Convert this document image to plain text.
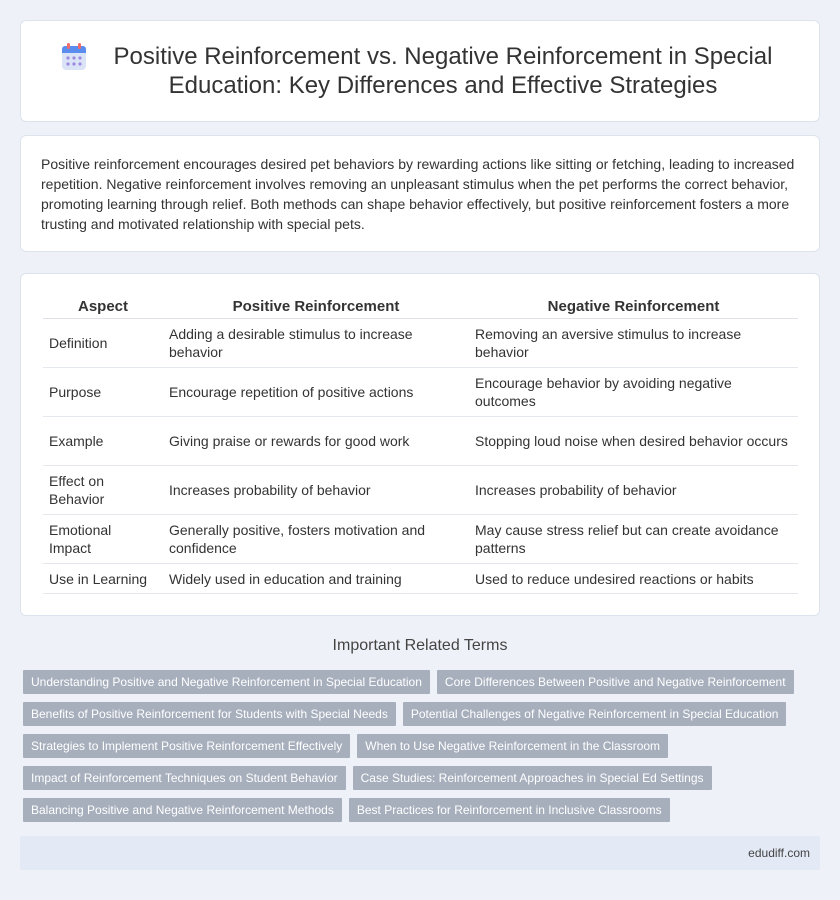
Positive Reinforcement vs. Negative Reinforcement in Special Education: Key Differences and Effective Strategies

Positive reinforcement encourages desired pet behaviors by rewarding actions like sitting or fetching, leading to increased repetition. Negative reinforcement involves removing an unpleasant stimulus when the pet performs the correct behavior, promoting learning through relief. Both methods can shape behavior effectively, but positive reinforcement fosters a more trusting and motivated relationship with special pets.

Aspect	Positive Reinforcement	Negative Reinforcement
Definition	Adding a desirable stimulus to increase behavior	Removing an aversive stimulus to increase behavior
Purpose	Encourage repetition of positive actions	Encourage behavior by avoiding negative outcomes
Example	Giving praise or rewards for good work	Stopping loud noise when desired behavior occurs
Effect on Behavior	Increases probability of behavior	Increases probability of behavior
Emotional Impact	Generally positive, fosters motivation and confidence	May cause stress relief but can create avoidance patterns
Use in Learning	Widely used in education and training	Used to reduce undesired reactions or habits
Important Related Terms
Understanding Positive and Negative Reinforcement in Special Education	Core Differences Between Positive and Negative Reinforcement
Benefits of Positive Reinforcement for Students with Special Needs	Potential Challenges of Negative Reinforcement in Special Education
Strategies to Implement Positive Reinforcement Effectively	When to Use Negative Reinforcement in the Classroom
Impact of Reinforcement Techniques on Student Behavior	Case Studies: Reinforcement Approaches in Special Ed Settings
Balancing Positive and Negative Reinforcement Methods	Best Practices for Reinforcement in Inclusive Classrooms
edudiff.com
